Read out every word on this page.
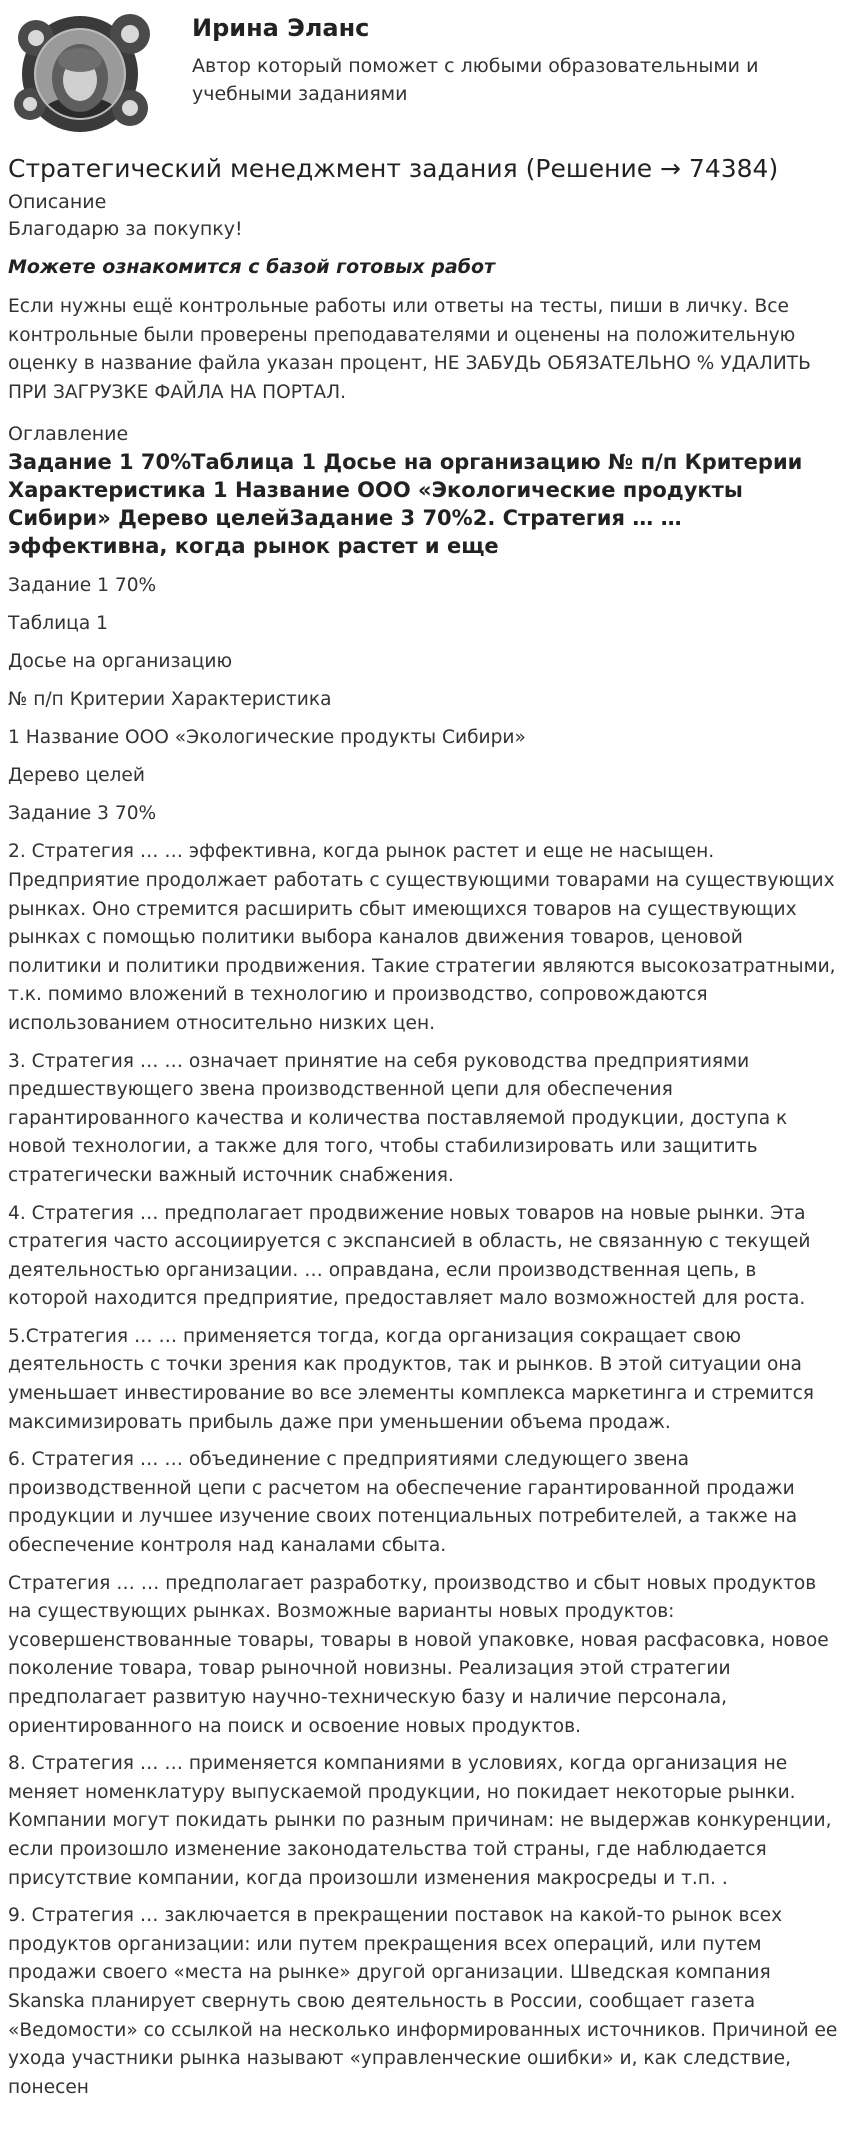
Ирина Эланс
Автор который поможет с любыми образовательными и учебными заданиями
Стратегический менеджмент задания (Решение → 74384)
Описание
Благодарю за покупку!
Можете ознакомится с базой готовых работ

Если нужны ещё контрольные работы или ответы на тесты, пиши в личку. Все контрольные были проверены преподавателями и оценены на положительную оценку в название файла указан процент, НЕ ЗАБУДЬ ОБЯЗАТЕЛЬНО % УДАЛИТЬ ПРИ ЗАГРУЗКЕ ФАЙЛА НА ПОРТАЛ.

Оглавление
Задание 1 70%Таблица 1 Досье на организацию № п/п Критерии Характеристика 1 Название ООО «Экологические продукты Сибири» Дерево целейЗадание 3 70%2. Стратегия … … эффективна, когда рынок растет и еще

Задание 1 70%

Таблица 1

Досье на организацию

№ п/п Критерии Характеристика

1 Название ООО «Экологические продукты Сибири»

Дерево целей

Задание 3 70%

2. Стратегия … … эффективна, когда рынок растет и еще не насыщен. Предприятие продолжает работать с существующими товарами на существующих рынках. Оно стремится расширить сбыт имеющихся товаров на существующих рынках с помощью политики выбора каналов движения товаров, ценовой политики и политики продвижения. Такие стратегии являются высокозатратными, т.к. помимо вложений в технологию и производство, сопровождаются использованием относительно низких цен.

3. Стратегия … … означает принятие на себя руководства предприятиями предшествующего звена производственной цепи для обеспечения гарантированного качества и количества поставляемой продукции, доступа к новой технологии, а также для того, чтобы стабилизировать или защитить стратегически важный источник снабжения.

4. Стратегия … предполагает продвижение новых товаров на новые рынки. Эта стратегия часто ассоциируется с экспансией в область, не связанную с текущей деятельностью организации. … оправдана, если производственная цепь, в которой находится предприятие, предоставляет мало возможностей для роста.

5.Стратегия … … применяется тогда, когда организация сокращает свою деятельность с точки зрения как продуктов, так и рынков. В этой ситуации она уменьшает инвестирование во все элементы комплекса маркетинга и стремится максимизировать прибыль даже при уменьшении объема продаж.

6. Стратегия … … объединение с предприятиями следующего звена производственной цепи с расчетом на обеспечение гарантированной продажи продукции и лучшее изучение своих потенциальных потребителей, а также на обеспечение контроля над каналами сбыта.

Стратегия … … предполагает разработку, производство и сбыт новых продуктов на существующих рынках. Возможные варианты новых продуктов: усовершенствованные товары, товары в новой упаковке, новая расфасовка, новое поколение товара, товар рыночной новизны. Реализация этой стратегии предполагает развитую научно-техническую базу и наличие персонала, ориентированного на поиск и освоение новых продуктов.

8. Стратегия … … применяется компаниями в условиях, когда организация не меняет номенклатуру выпускаемой продукции, но покидает некоторые рынки. Компании могут покидать рынки по разным причинам: не выдержав конкуренции, если произошло изменение законодательства той страны, где наблюдается присутствие компании, когда произошли изменения макросреды и т.п. .

9. Стратегия … заключается в прекращении поставок на какой-то рынок всех продуктов организации: или путем прекращения всех операций, или путем продажи своего «места на рынке» другой организации. Шведская компания Skanska планирует свернуть свою деятельность в России, сообщает газета «Ведомости» со ссылкой на несколько информированных источников. Причиной ее ухода участники рынка называют «управленческие ошибки» и, как следствие, понесен
